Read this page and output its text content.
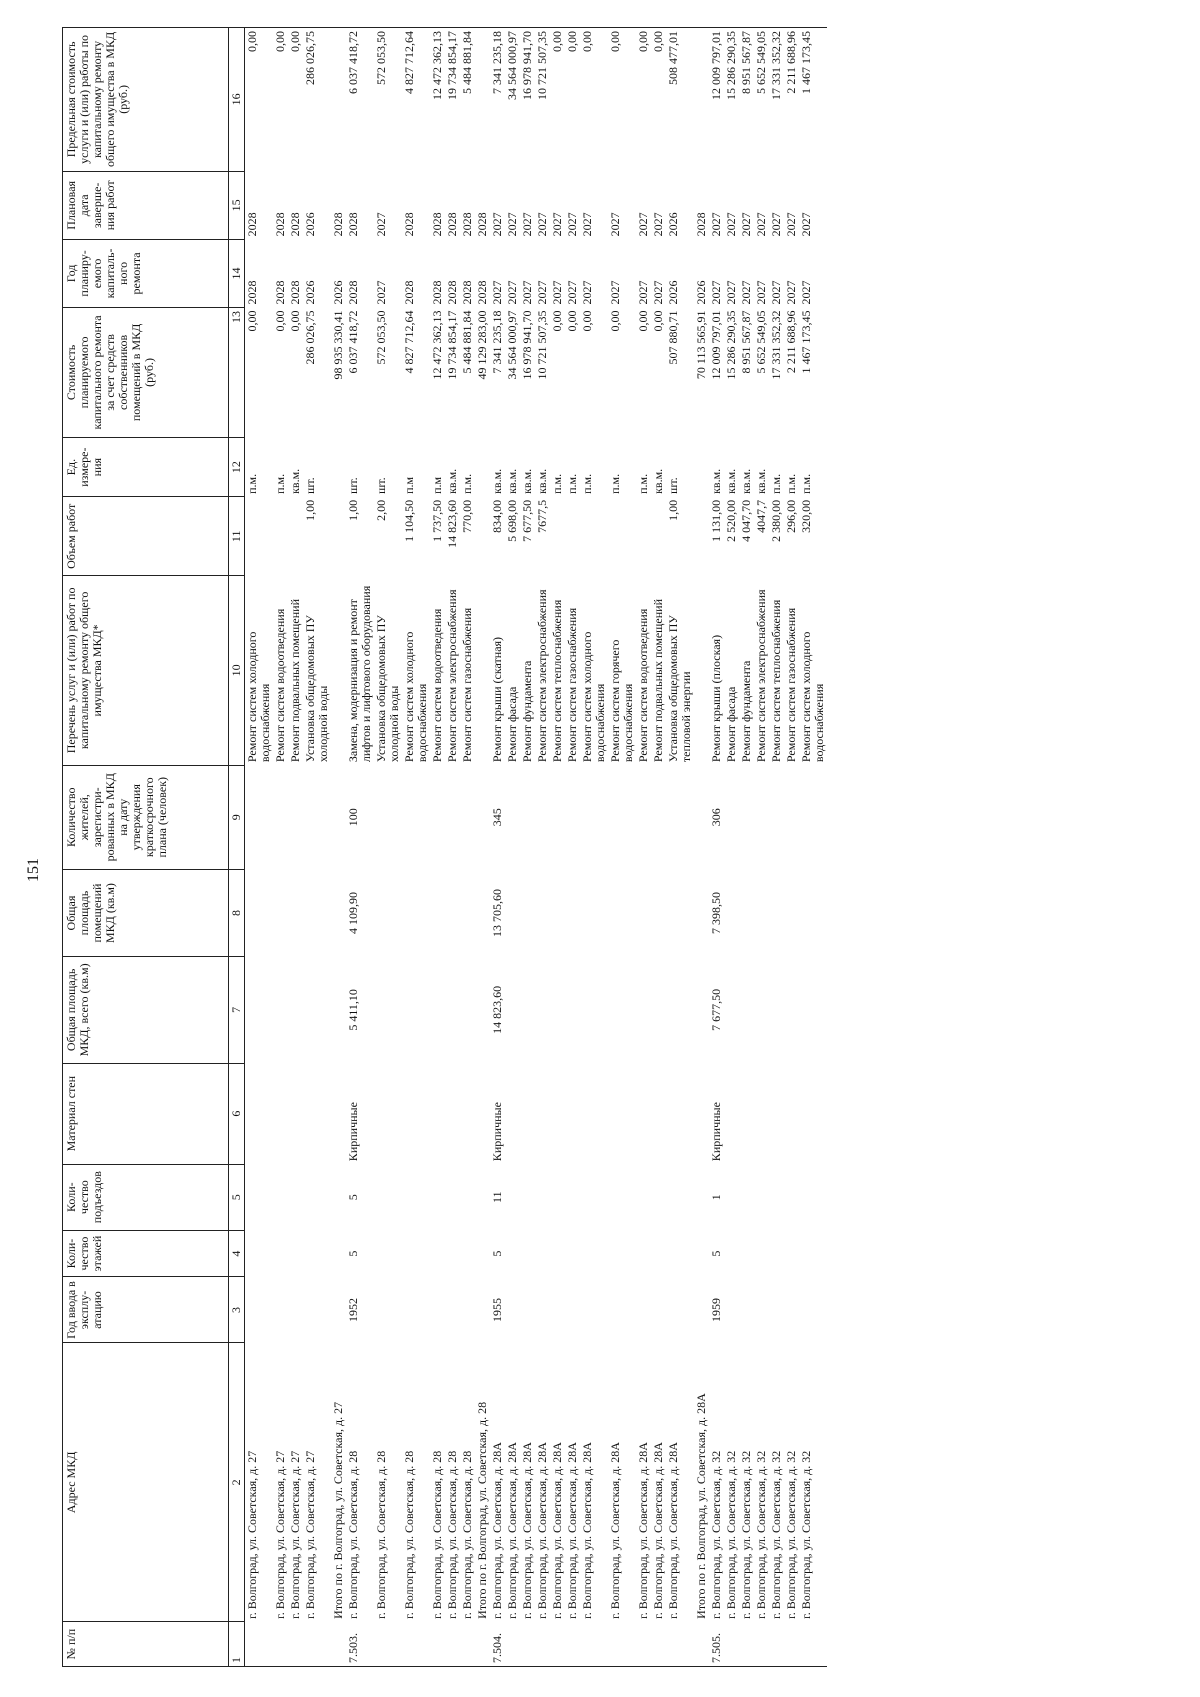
151
№ п/п	Адрес МКД	Год ввода в эксплу-атацию	Коли-чество этажей	Коли-чество подъездов	Материал стен	Общая площадь МКД, всего (кв.м)	Общая площадь помещений МКД (кв.м)	Количество жителей, зарегистри-рованных в МКД на дату утверждения краткосрочного плана (человек)	Перечень услуг и (или) работ по капитальному ремонту общего имущества МКД*	Объем работ	Ед. измере-ния	Стоимость планируемого капитального ремонта за счет средств собственников помещений в МКД (руб.)	Год планиру-емого капиталь-ного ремонта	Плановая дата заверше-ния работ	Предельная стоимость услуги и (или) работы по капитальному ремонту общего имущества в МКД (руб.)
1	2	3	4	5	6	7	8	9	10	11	12	13	14	15	16
	г. Волгоград, ул. Советская, д. 27								Ремонт систем холодного водоснабжения		п.м.	0,00	2028	2028	0,00
	г. Волгоград, ул. Советская, д. 27								Ремонт систем водоотведения		п.м.	0,00	2028	2028	0,00
	г. Волгоград, ул. Советская, д. 27								Ремонт подвальных помещений		кв.м.	0,00	2028	2028	0,00
	г. Волгоград, ул. Советская, д. 27								Установка общедомовых ПУ холодной воды	1,00	шт.	286 026,75	2026	2026	286 026,75
	Итого по г. Волгоград, ул. Советская, д. 27											98 935 330,41	2026	2028	
7.503.	г. Волгоград, ул. Советская, д. 28	1952	5	5	Кирпичные	5 411,10	4 109,90	100	Замена, модернизация и ремонт лифтов и лифтового оборудования	1,00	шт.	6 037 418,72	2028	2028	6 037 418,72
	г. Волгоград, ул. Советская, д. 28								Установка общедомовых ПУ холодной воды	2,00	шт.	572 053,50	2027	2027	572 053,50
	г. Волгоград, ул. Советская, д. 28								Ремонт систем холодного водоснабжения	1 104,50	п.м	4 827 712,64	2028	2028	4 827 712,64
	г. Волгоград, ул. Советская, д. 28								Ремонт систем водоотведения	1 737,50	п.м	12 472 362,13	2028	2028	12 472 362,13
	г. Волгоград, ул. Советская, д. 28								Ремонт систем электроснабжения	14 823,60	кв.м.	19 734 854,17	2028	2028	19 734 854,17
	г. Волгоград, ул. Советская, д. 28								Ремонт систем газоснабжения	770,00	п.м.	5 484 881,84	2028	2028	5 484 881,84
	Итого по г. Волгоград, ул. Советская, д. 28											49 129 283,00	2028	2028	
7.504.	г. Волгоград, ул. Советская, д. 28А	1955	5	11	Кирпичные	14 823,60	13 705,60	345	Ремонт крыши (скатная)	834,00	кв.м.	7 341 235,18	2027	2027	7 341 235,18
	г. Волгоград, ул. Советская, д. 28А								Ремонт фасада	5 698,00	кв.м.	34 564 000,97	2027	2027	34 564 000,97
	г. Волгоград, ул. Советская, д. 28А								Ремонт фундамента	7 677,50	кв.м.	16 978 941,70	2027	2027	16 978 941,70
	г. Волгоград, ул. Советская, д. 28А								Ремонт систем электроснабжения	7677,5	кв.м.	10 721 507,35	2027	2027	10 721 507,35
	г. Волгоград, ул. Советская, д. 28А								Ремонт систем теплоснабжения		п.м.	0,00	2027	2027	0,00
	г. Волгоград, ул. Советская, д. 28А								Ремонт систем газоснабжения		п.м.	0,00	2027	2027	0,00
	г. Волгоград, ул. Советская, д. 28А								Ремонт систем холодного водоснабжения		п.м.	0,00	2027	2027	0,00
	г. Волгоград, ул. Советская, д. 28А								Ремонт систем горячего водоснабжения		п.м.	0,00	2027	2027	0,00
	г. Волгоград, ул. Советская, д. 28А								Ремонт систем водоотведения		п.м.	0,00	2027	2027	0,00
	г. Волгоград, ул. Советская, д. 28А								Ремонт подвальных помещений		кв.м.	0,00	2027	2027	0,00
	г. Волгоград, ул. Советская, д. 28А								Установка общедомовых ПУ тепловой энергии	1,00	шт.	507 880,71	2026	2026	508 477,01
	Итого по г. Волгоград, ул. Советская, д. 28А											70 113 565,91	2026	2028	
7.505.	г. Волгоград, ул. Советская, д. 32	1959	5	1	Кирпичные	7 677,50	7 398,50	306	Ремонт крыши (плоская)	1 131,00	кв.м.	12 009 797,01	2027	2027	12 009 797,01
	г. Волгоград, ул. Советская, д. 32								Ремонт фасада	2 520,00	кв.м.	15 286 290,35	2027	2027	15 286 290,35
	г. Волгоград, ул. Советская, д. 32								Ремонт фундамента	4 047,70	кв.м.	8 951 567,87	2027	2027	8 951 567,87
	г. Волгоград, ул. Советская, д. 32								Ремонт систем электроснабжения	4047,7	кв.м.	5 652 549,05	2027	2027	5 652 549,05
	г. Волгоград, ул. Советская, д. 32								Ремонт систем теплоснабжения	2 380,00	п.м.	17 331 352,32	2027	2027	17 331 352,32
	г. Волгоград, ул. Советская, д. 32								Ремонт систем газоснабжения	296,00	п.м.	2 211 688,96	2027	2027	2 211 688,96
	г. Волгоград, ул. Советская, д. 32								Ремонт систем холодного водоснабжения	320,00	п.м.	1 467 173,45	2027	2027	1 467 173,45
